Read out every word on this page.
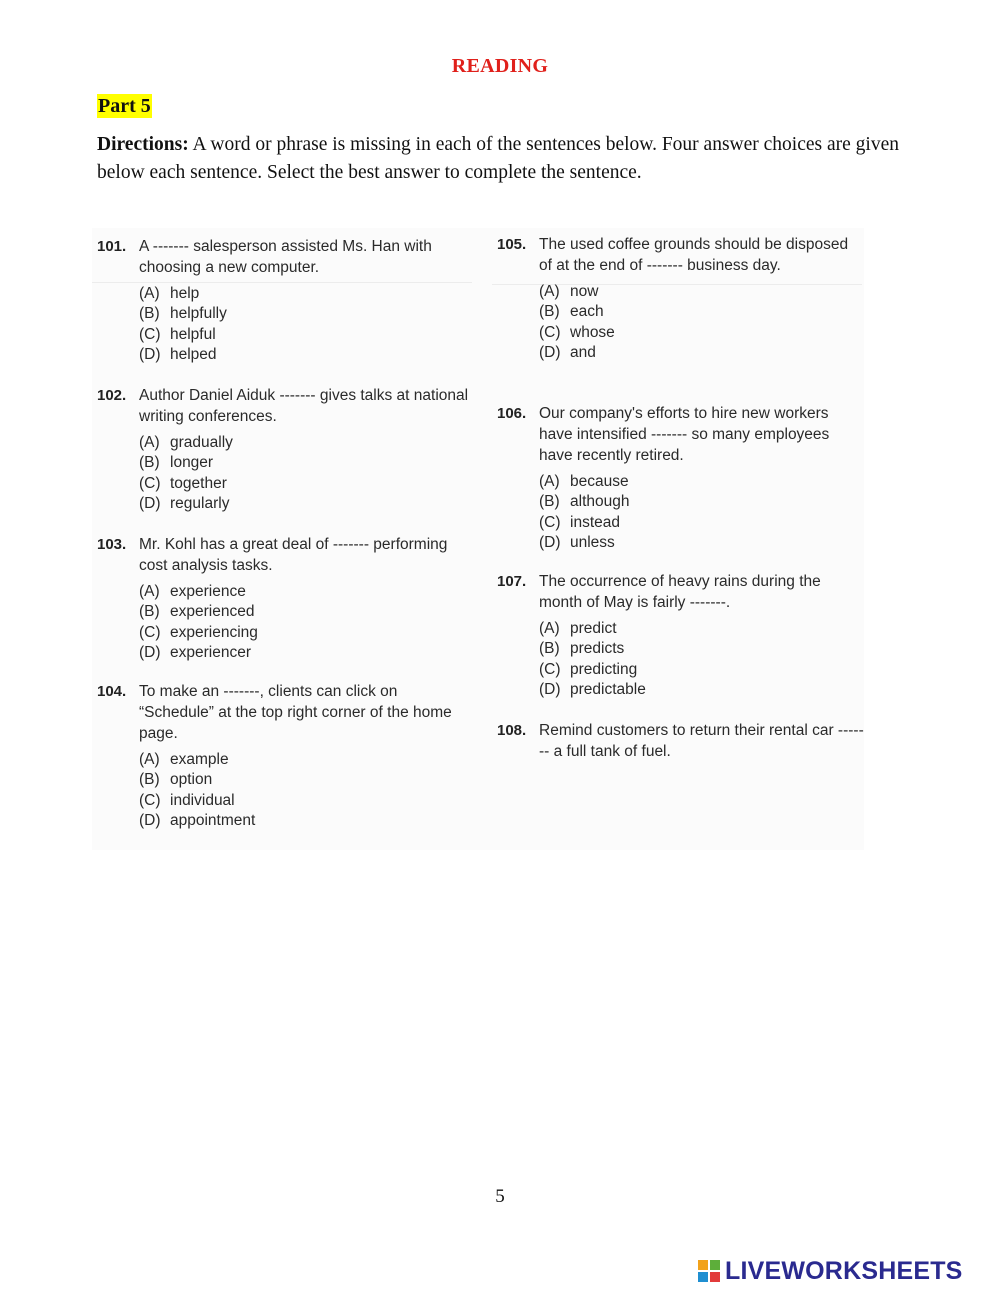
READING
Part 5
Directions: A word or phrase is missing in each of the sentences below. Four answer choices are given below each sentence. Select the best answer to complete the sentence.
101. A ------- salesperson assisted Ms. Han with choosing a new computer.
(A) help
(B) helpfully
(C) helpful
(D) helped
102. Author Daniel Aiduk ------- gives talks at national writing conferences.
(A) gradually
(B) longer
(C) together
(D) regularly
103. Mr. Kohl has a great deal of ------- performing cost analysis tasks.
(A) experience
(B) experienced
(C) experiencing
(D) experiencer
104. To make an -------, clients can click on “Schedule” at the top right corner of the home page.
(A) example
(B) option
(C) individual
(D) appointment
105. The used coffee grounds should be disposed of at the end of ------- business day.
(A) now
(B) each
(C) whose
(D) and
106. Our company's efforts to hire new workers have intensified ------- so many employees have recently retired.
(A) because
(B) although
(C) instead
(D) unless
107. The occurrence of heavy rains during the month of May is fairly -------.
(A) predict
(B) predicts
(C) predicting
(D) predictable
108. Remind customers to return their rental car ------- a full tank of fuel.
5
LIVEWORKSHEETS
